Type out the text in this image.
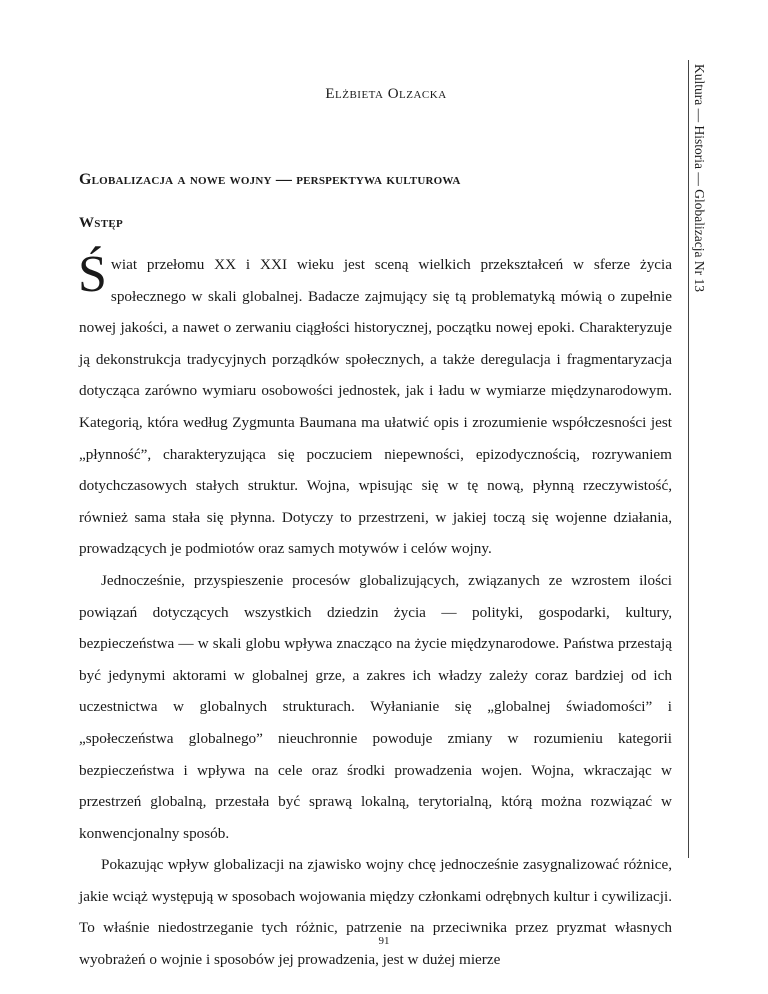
Elżbieta Olzacka
Globalizacja a nowe wojny — perspektywa kulturowa
Wstęp

Świat przełomu XX i XXI wieku jest sceną wielkich przekształceń w sferze życia społecznego w skali globalnej. Badacze zajmujący się tą problematyką mówią o zupełnie nowej jakości, a nawet o zerwaniu ciągłości historycznej, początku nowej epoki. Charakteryzuje ją dekonstrukcja tradycyjnych porządków społecznych, a także deregulacja i fragmentaryzacja dotycząca zarówno wymiaru osobowości jednostek, jak i ładu w wymiarze międzynarodowym. Kategorią, która według Zygmunta Baumana ma ułatwić opis i zrozumienie współczesności jest „płynność”, charakteryzująca się poczuciem niepewności, epizodycznością, rozrywaniem dotychczasowych stałych struktur. Wojna, wpisując się w tę nową, płynną rzeczywistość, również sama stała się płynna. Dotyczy to przestrzeni, w jakiej toczą się wojenne działania, prowadzących je podmiotów oraz samych motywów i celów wojny.

Jednocześnie, przyspieszenie procesów globalizujących, związanych ze wzrostem ilości powiązań dotyczących wszystkich dziedzin życia — polityki, gospodarki, kultury, bezpieczeństwa — w skali globu wpływa znacząco na życie międzynarodowe. Państwa przestają być jedynymi aktorami w globalnej grze, a zakres ich władzy zależy coraz bardziej od ich uczestnictwa w globalnych strukturach. Wyłanianie się „globalnej świadomości” i „społeczeństwa globalnego” nieuchronnie powoduje zmiany w rozumieniu kategorii bezpieczeństwa i wpływa na cele oraz środki prowadzenia wojen. Wojna, wkraczając w przestrzeń globalną, przestała być sprawą lokalną, terytorialną, którą można rozwiązać w konwencjonalny sposób.

Pokazując wpływ globalizacji na zjawisko wojny chcę jednocześnie zasygnalizować różnice, jakie wciąż występują w sposobach wojowania między członkami odrębnych kultur i cywilizacji. To właśnie niedostrzeganie tych różnic, patrzenie na przeciwnika przez pryzmat własnych wyobrażeń o wojnie i sposobów jej prowadzenia, jest w dużej mierze

Kultura — Historia — Globalizacja Nr 13
91
